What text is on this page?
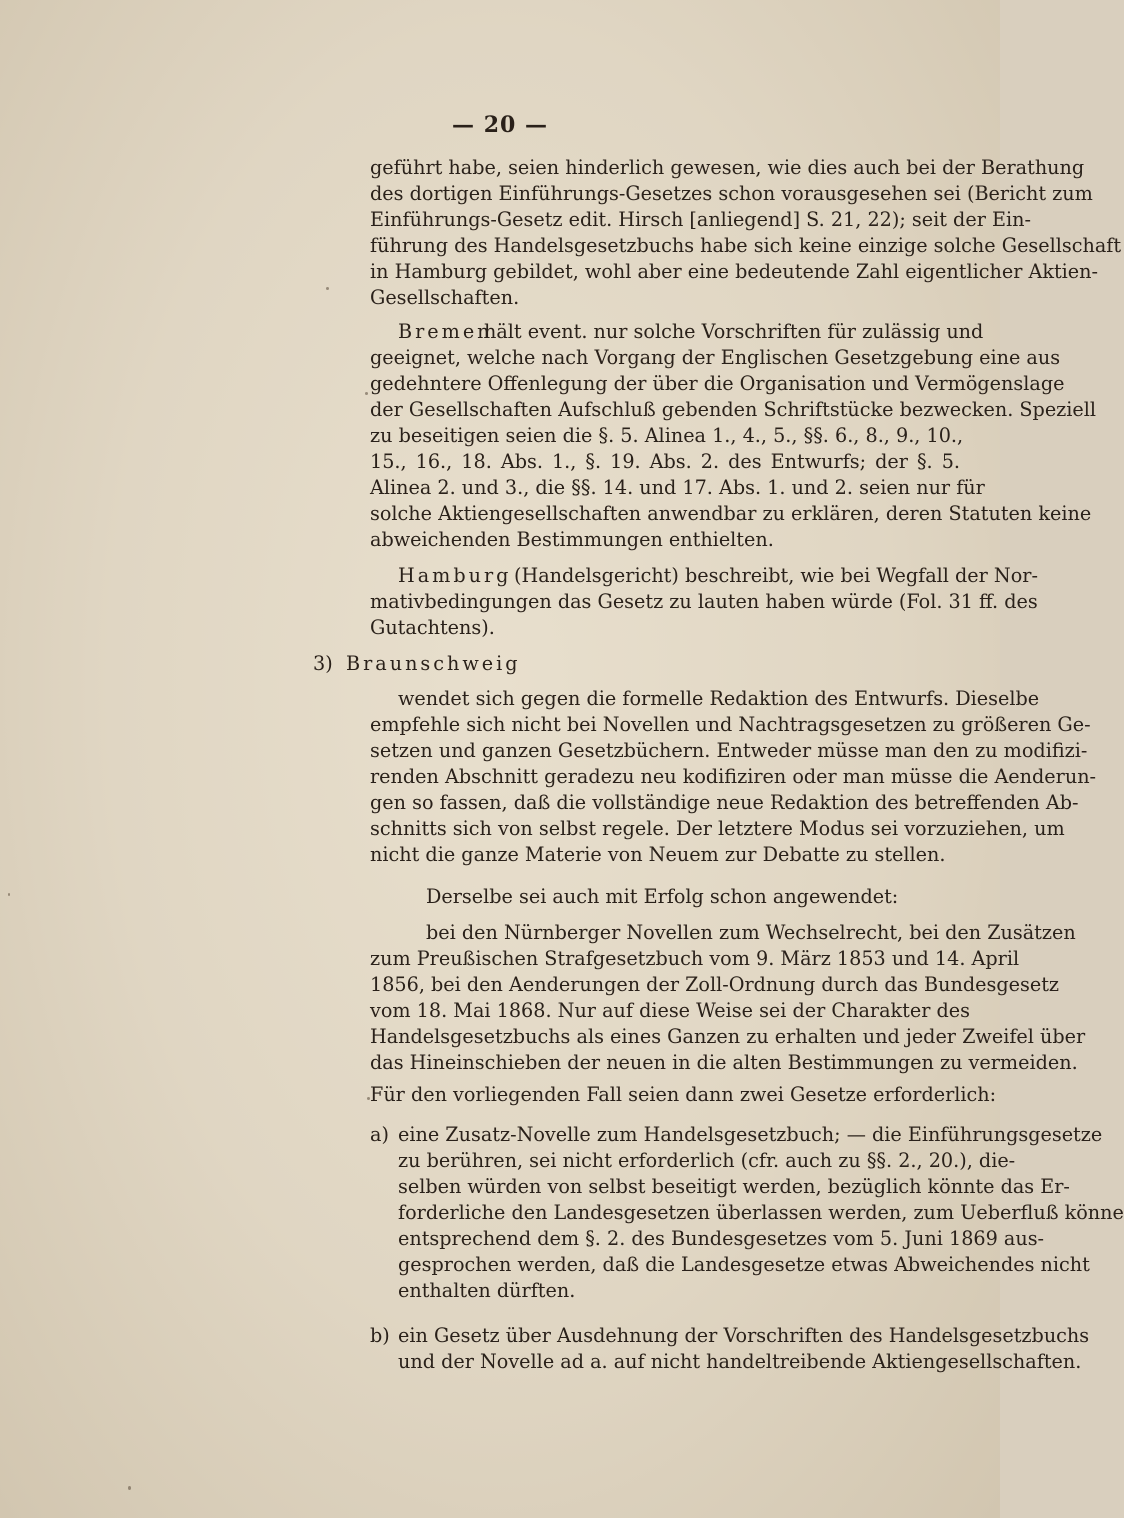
— 20 —
geführt habe, seien hinderlich gewesen, wie dies auch bei der Berathung
des dortigen Einführungs-Gesetzes schon vorausgesehen sei (Bericht zum
Einführungs-Gesetz edit. Hirsch [anliegend] S. 21, 22); seit der Ein-
führung des Handelsgesetzbuchs habe sich keine einzige solche Gesellschaft
in Hamburg gebildet, wohl aber eine bedeutende Zahl eigentlicher Aktien-
Gesellschaften.
Bremen
hält event. nur solche Vorschriften für zulässig und
geeignet, welche nach Vorgang der Englischen Gesetzgebung eine aus
gedehntere Offenlegung der über die Organisation und Vermögenslage
der Gesellschaften Aufschluß gebenden Schriftstücke bezwecken. Speziell
zu beseitigen seien die §. 5. Alinea 1., 4., 5., §§. 6., 8., 9., 10.,
15., 16., 18. Abs. 1., §. 19. Abs. 2. des Entwurfs; der §. 5.
Alinea 2. und 3., die §§. 14. und 17. Abs. 1. und 2. seien nur für
solche Aktiengesellschaften anwendbar zu erklären, deren Statuten keine
abweichenden Bestimmungen enthielten.
Hamburg (Handelsgericht) beschreibt, wie bei Wegfall der Nor-
mativbedingungen das Gesetz zu lauten haben würde (Fol. 31 ff. des
Gutachtens).
3) Braunschweig
wendet sich gegen die formelle Redaktion des Entwurfs. Dieselbe
empfehle sich nicht bei Novellen und Nachtragsgesetzen zu größeren Ge-
setzen und ganzen Gesetzbüchern. Entweder müsse man den zu modifizi-
renden Abschnitt geradezu neu kodifiziren oder man müsse die Aenderun-
gen so fassen, daß die vollständige neue Redaktion des betreffenden Ab-
schnitts sich von selbst regele. Der letztere Modus sei vorzuziehen, um
nicht die ganze Materie von Neuem zur Debatte zu stellen.
Derselbe sei auch mit Erfolg schon angewendet:
bei den Nürnberger Novellen zum Wechselrecht, bei den Zusätzen
zum Preußischen Strafgesetzbuch vom 9. März 1853 und 14. April
1856, bei den Aenderungen der Zoll-Ordnung durch das Bundesgesetz
vom 18. Mai 1868. Nur auf diese Weise sei der Charakter des
Handelsgesetzbuchs als eines Ganzen zu erhalten und jeder Zweifel über
das Hineinschieben der neuen in die alten Bestimmungen zu vermeiden.
Für den vorliegenden Fall seien dann zwei Gesetze erforderlich:
a) eine Zusatz-Novelle zum Handelsgesetzbuch; — die Einführungsgesetze
zu berühren, sei nicht erforderlich (cfr. auch zu §§. 2., 20.), die-
selben würden von selbst beseitigt werden, bezüglich könnte das Er-
forderliche den Landesgesetzen überlassen werden, zum Ueberfluß könne
entsprechend dem §. 2. des Bundesgesetzes vom 5. Juni 1869 aus-
gesprochen werden, daß die Landesgesetze etwas Abweichendes nicht
enthalten dürften.
b) ein Gesetz über Ausdehnung der Vorschriften des Handelsgesetzbuchs
und der Novelle ad a. auf nicht handeltreibende Aktiengesellschaften.
